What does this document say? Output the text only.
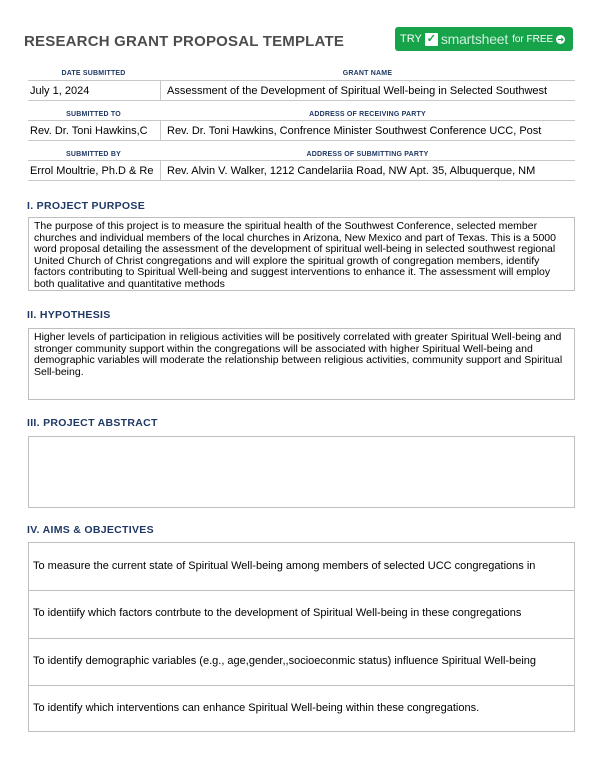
RESEARCH GRANT PROPOSAL TEMPLATE	TRY ✓ smartsheet for FREE ➜
DATE SUBMITTED	GRANT NAME
July 1, 2024	Assessment of the Development of Spiritual Well-being in Selected Southwest
SUBMITTED TO	ADDRESS OF RECEIVING PARTY
Rev. Dr. Toni Hawkins,C	Rev. Dr. Toni Hawkins, Confrence Minister Southwest Conference UCC, Post
SUBMITTED BY	ADDRESS OF SUBMITTING PARTY
Errol Moultrie, Ph.D & Re	Rev. Alvin V. Walker, 1212 Candelariia Road, NW Apt. 35, Albuquerque, NM
I. PROJECT PURPOSE
The purpose of this project is to measure the spiritual health of the Southwest Conference, selected member churches and individual members of the local churches in Arizona, New Mexico and part of Texas. This is a 5000 word proposal detailing the assessment of the development of spiritual well-being in selected southwest regional United Church of Christ congregations and will explore the spiritual growth of congregation members, identify factors contributing to Spiritual Well-being and suggest interventions to enhance it. The assessment will employ both qualitative and quantitative methods
II. HYPOTHESIS
Higher levels of participation in religious activities will be positively correlated with greater Spiritual Well-being and stronger community support within the congregations will be associated with higher Spiritual Well-being and demographic variables will moderate the relationship between religious activities, community support and Spiritual Sell-being.
III. PROJECT ABSTRACT
IV. AIMS & OBJECTIVES
To measure the current state of Spiritual Well-being among members of selected UCC congregations in
To identiify which factors contrbute to the development of Spiritual Well-being in these congregations
To identify demographic variables (e.g., age,gender,,socioeconmic status) influence Spiritual Well-being
To identify which interventions can enhance Spiritual Well-being within these congregations.
